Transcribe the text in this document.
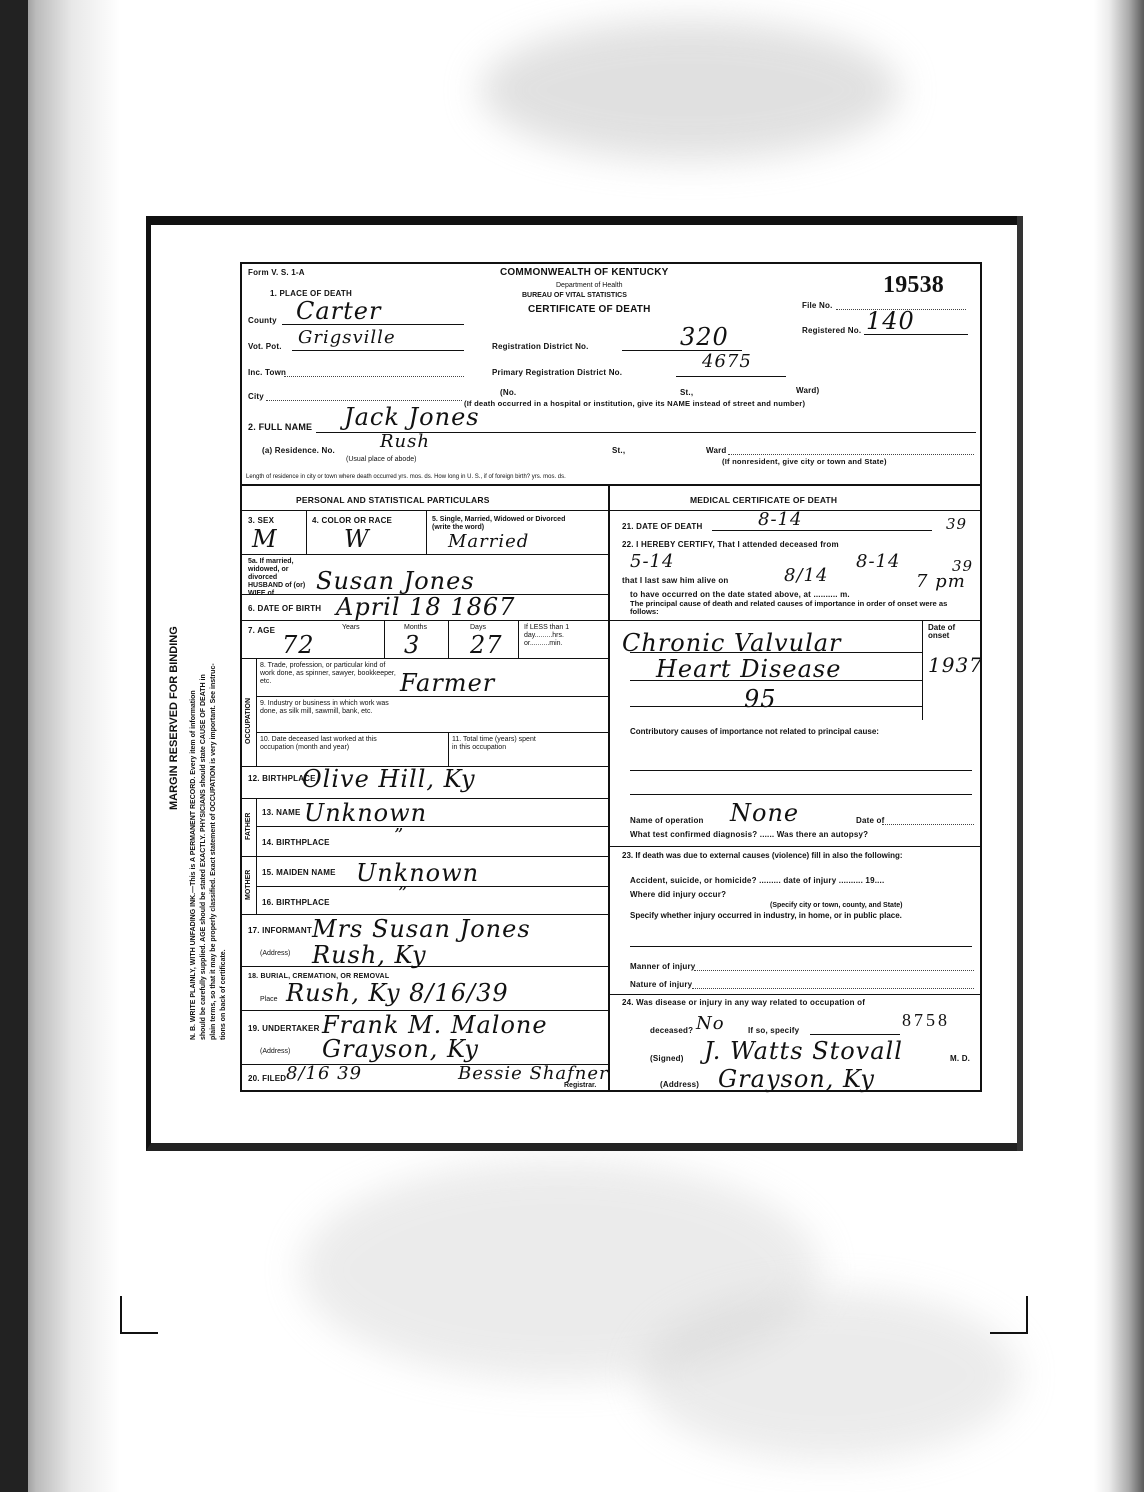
MARGIN RESERVED FOR BINDING N. B. WRITE PLAINLY, WITH UNFADING INK.—This is A PERMANENT RECORD. Every item of information should be carefully supplied. AGE should be stated EXACTLY. PHYSICIANS should state CAUSE OF DEATH in plain terms, so that it may be properly classified. Exact statement of OCCUPATION is very important. See instruc- tions on back of certificate.
Form V. S. 1-A
1. PLACE OF DEATH
COMMONWEALTH OF KENTUCKY
Department of Health
BUREAU OF VITAL STATISTICS
CERTIFICATE OF DEATH
19538
File No.
Registered No. 140
County Carter
Vot. Pot. Grigsville
Inc. Town
Registration District No.	320
Primary Registration District No.
4675
City	(No.	St.,	Ward)
(If death occurred in a hospital or institution, give its NAME instead of street and number)
2. FULL NAME Jack Jones
(a) Residence. No.	Rush	St.,	Ward
(Usual place of abode)	(If nonresident, give city or town and State)
Length of residence in city or town where death occurred yrs. mos. ds. How long in U. S., if of foreign birth? yrs. mos. ds.
PERSONAL AND STATISTICAL PARTICULARS
3. SEX
M
4. COLOR OR RACE
W
5. Single, Married, Widowed or Divorced (write the word)
Married
5a. If married, widowed, or divorced HUSBAND of (or) WIFE of	Susan Jones
6. DATE OF BIRTH April 18 1867
7. AGE	Years	Months	Days	If LESS than 1 day.........hrs. or..........min.
72	3 27
OCCUPATION
8. Trade, profession, or particular kind of work done, as spinner, sawyer, bookkeeper, etc.	Farmer
9. Industry or business in which work was done, as silk mill, sawmill, bank, etc.
10. Date deceased last worked at this occupation (month and year)
11. Total time (years) spent in this occupation
12. BIRTHPLACE
Olive Hill, Ky
FATHER
13. NAME Unknown
14. BIRTHPLACE	”
MOTHER 15. MAIDEN NAME Unknown
16. BIRTHPLACE	”
17. INFORMANT Mrs Susan Jones
(Address) Rush, Ky
18. BURIAL, CREMATION, OR REMOVAL
Place Rush, Ky 8/16/39
19. UNDERTAKER Frank M. Malone
(Address) Grayson, Ky
20. FILED 8/16 39	Bessie Shafner
Registrar.
MEDICAL CERTIFICATE OF DEATH
21. DATE OF DEATH	8-14	39
22. I HEREBY CERTIFY, That I attended deceased from
5-14	8-14	39
that I last saw him alive on	8/14	7 pm
to have occurred on the date stated above, at .......... m.
The principal cause of death and related causes of importance in order of onset were as follows:
Date of onset
Chronic Valvular
Heart Disease	1937
95
Contributory causes of importance not related to principal cause:
Name of operation None	Date of
What test confirmed diagnosis? ...... Was there an autopsy?
23. If death was due to external causes (violence) fill in also the following:
Accident, suicide, or homicide? ......... date of injury .......... 19....
Where did injury occur?
(Specify city or town, county, and State)
Specify whether injury occurred in industry, in home, or in public place.
Manner of injury
Nature of injury
24. Was disease or injury in any way related to occupation of
deceased? No	If so, specify
8758
(Signed) J. Watts Stovall	M. D.
(Address) Grayson, Ky
